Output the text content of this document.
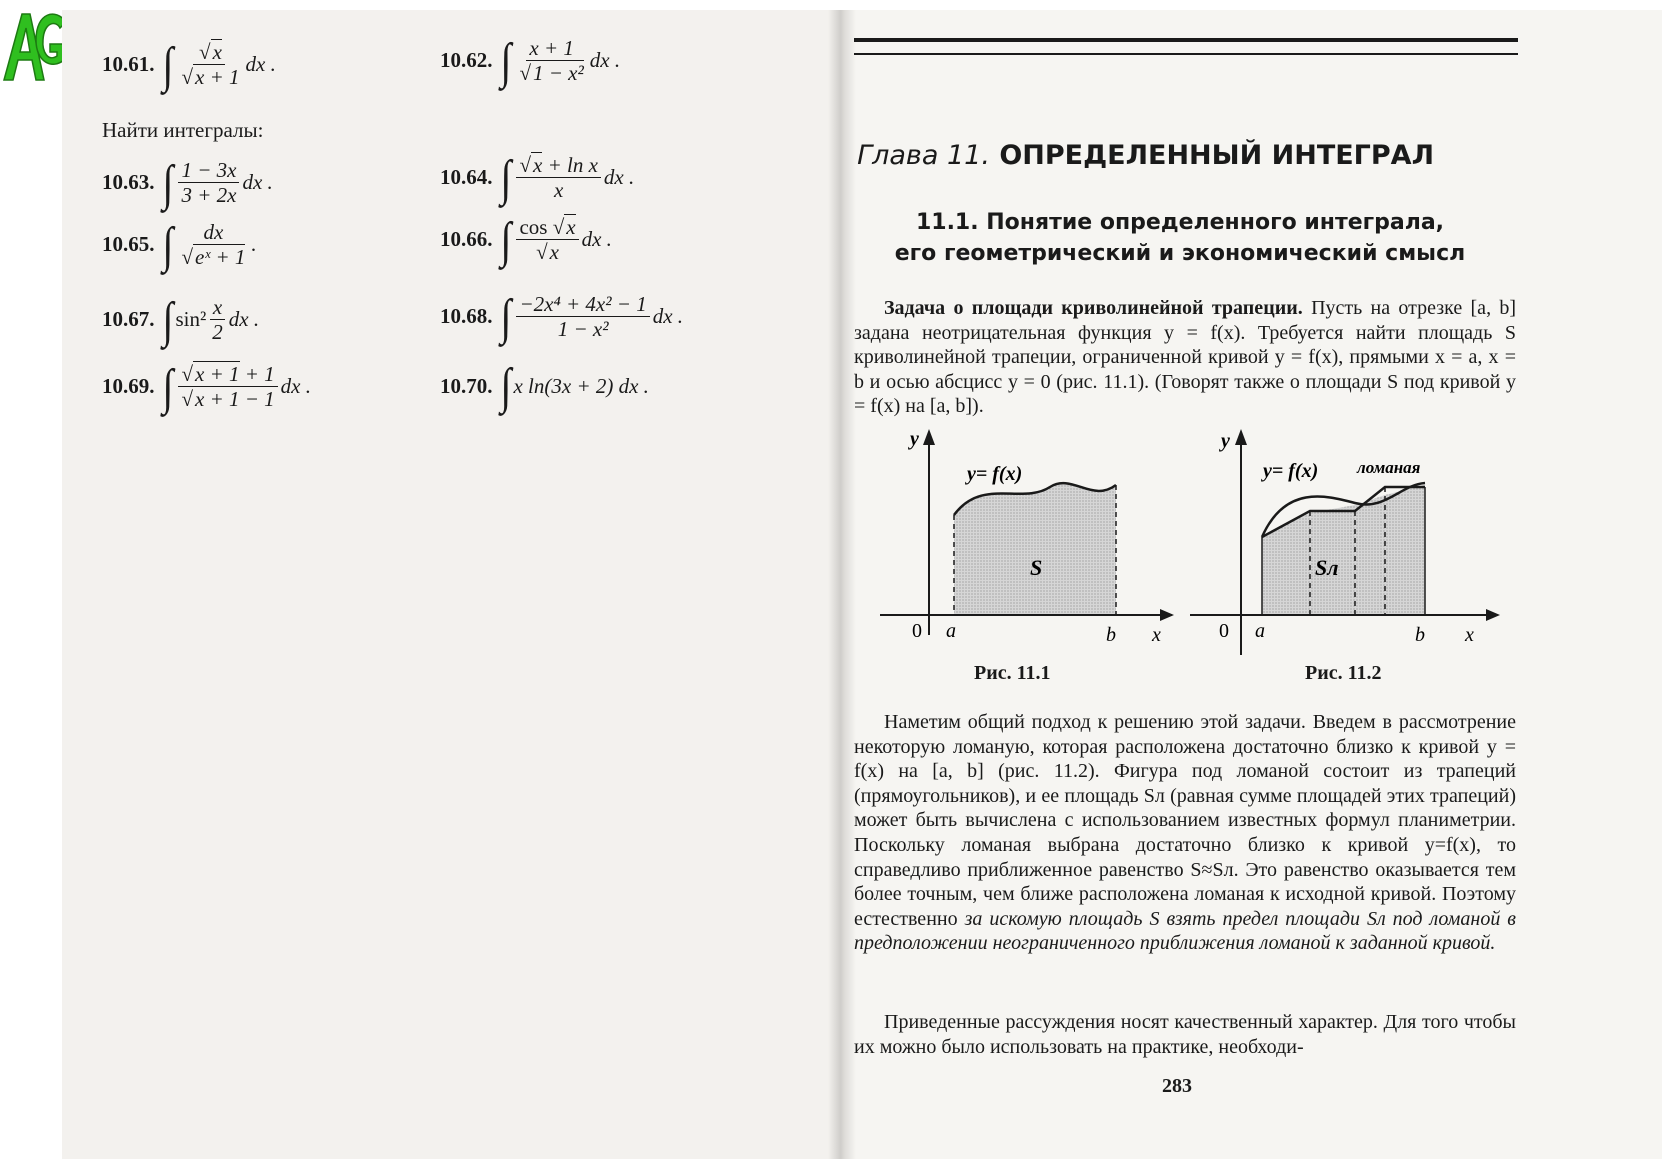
AG
10.61. ∫ $\frac{√x}{√x + 1}$ dx .	10.62. ∫ $\frac{x + 1}{\text{√1 − x²}}$ dx .
Найти интегралы:
10.63. ∫ $\frac{1 - 3x}{3 + 2x}$ dx .	10.64. ∫ $\frac{\text{√x + ln x}}{x}$ dx .
10.65. ∫ $\frac{dx}{\text{√eˣ + 1}}$ .	10.66. ∫ $\frac{\cos √x}{√x}$ dx .
10.67. ∫ $\sin^2 \frac{x}{2}$ dx .	10.68. ∫ $\frac{\text{−2x⁴ + 4x² − 1}}{\text{1 − x²}}$ dx .
10.69. ∫ $\frac{√x + 1 + 1}{√x + 1 - 1}$ dx .	10.70. ∫ x ln(3x + 2) dx .
Глава 11. ОПРЕДЕЛЕННЫЙ ИНТЕГРАЛ
11.1. Понятие определенного интеграла,
его геометрический и экономический смысл

Задача о площади криволинейной трапеции. Пусть на отрезке [a, b] задана неотрицательная функция y = f(x). Требуется найти площадь S криволинейной трапеции, ограниченной кривой y = f(x), прямыми x = a, x = b и осью абсцисс y = 0 (рис. 11.1). (Говорят также о площади S под кривой y = f(x) на [a, b]).

y
y= f(x)
S
0 a	b x
Рис. 11.1
y
y= f(x) ломаная
Sл
0 a	b x
Рис. 11.2

Наметим общий подход к решению этой задачи. Введем в рассмотрение некоторую ломаную, которая расположена достаточно близко к кривой y = f(x) на [a, b] (рис. 11.2). Фигура под ломаной состоит из трапеций (прямоугольников), и ее площадь Sл (равная сумме площадей этих трапеций) может быть вычислена с использованием известных формул планиметрии. Поскольку ломаная выбрана достаточно близко к кривой y=f(x), то справедливо приближенное равенство S≈Sл. Это равенство оказывается тем более точным, чем ближе расположена ломаная к исходной кривой. Поэтому естественно за искомую площадь S взять предел площади Sл под ломаной в предположении неограниченного приближения ломаной к заданной кривой.

Приведенные рассуждения носят качественный характер. Для того чтобы их можно было использовать на практике, необходи-

283
